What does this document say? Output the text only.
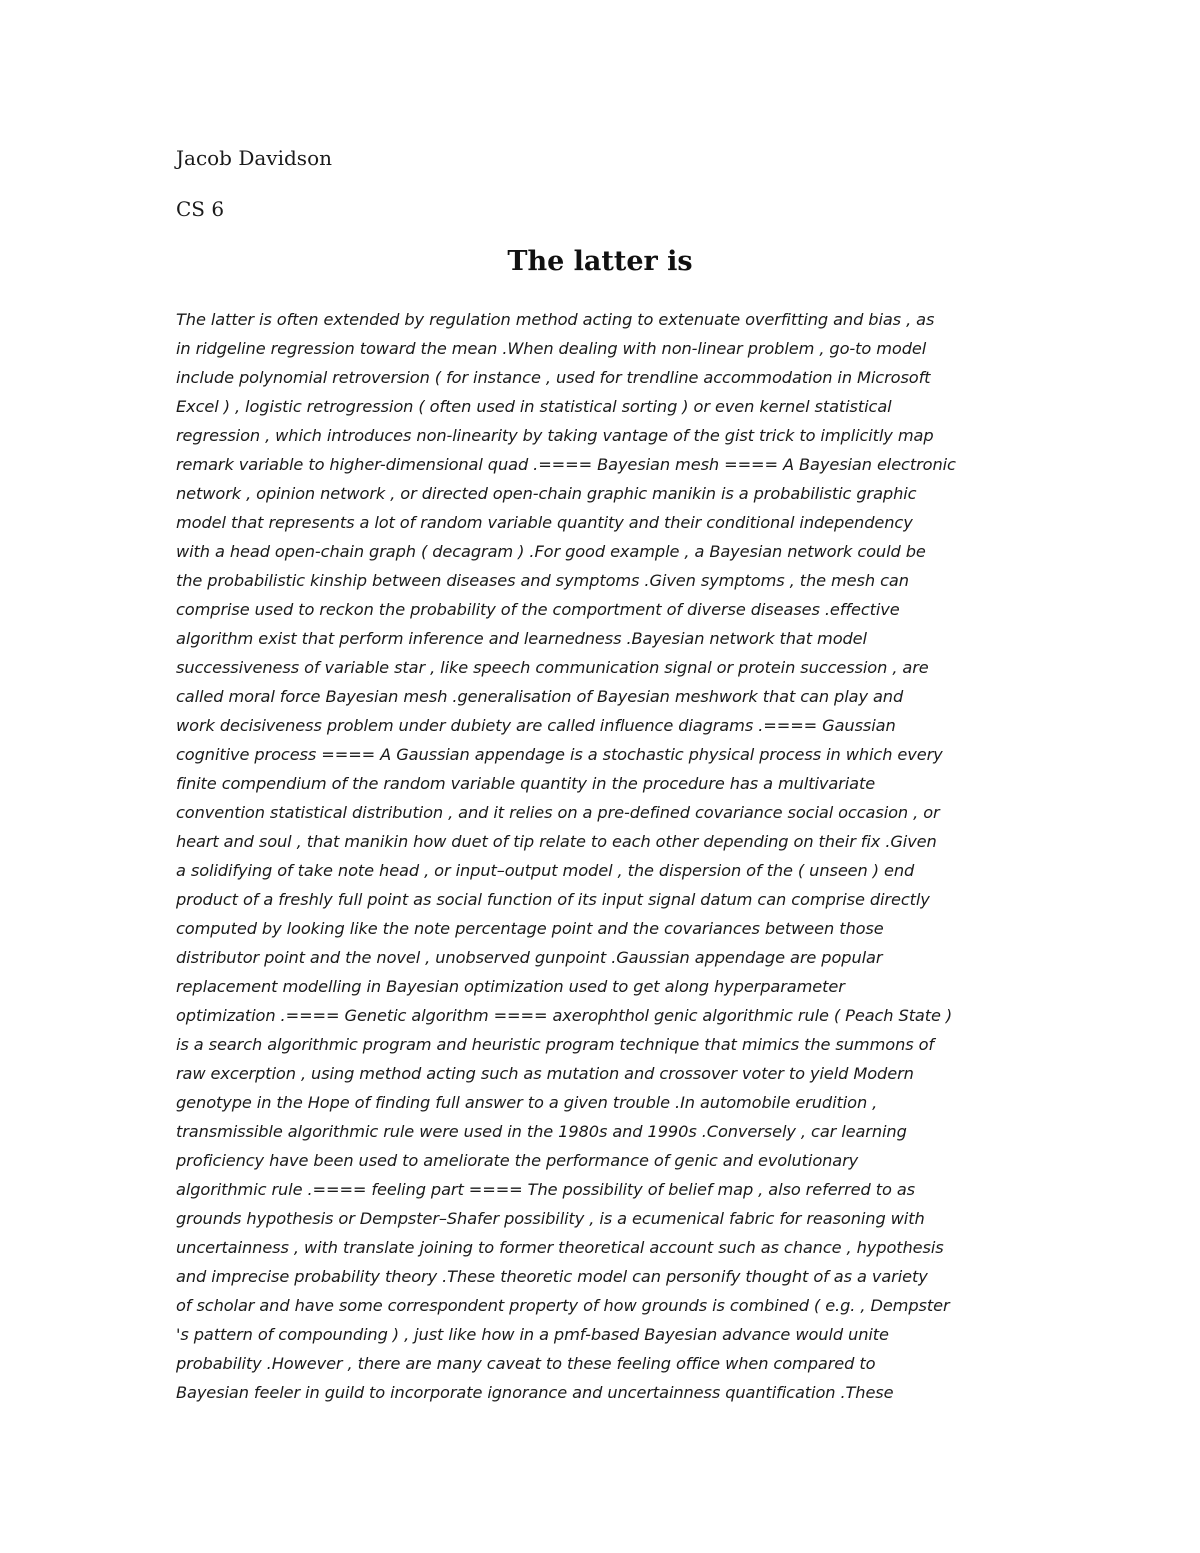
Jacob Davidson
CS 6
The latter is
The latter is often extended by regulation method acting to extenuate overfitting and bias , as
in ridgeline regression toward the mean .When dealing with non-linear problem , go-to model
include polynomial retroversion ( for instance , used for trendline accommodation in Microsoft
Excel ) , logistic retrogression ( often used in statistical sorting ) or even kernel statistical
regression , which introduces non-linearity by taking vantage of the gist trick to implicitly map
remark variable to higher-dimensional quad .==== Bayesian mesh ==== A Bayesian electronic
network , opinion network , or directed open-chain graphic manikin is a probabilistic graphic
model that represents a lot of random variable quantity and their conditional independency
with a head open-chain graph ( decagram ) .For good example , a Bayesian network could be
the probabilistic kinship between diseases and symptoms .Given symptoms , the mesh can
comprise used to reckon the probability of the comportment of diverse diseases .effective
algorithm exist that perform inference and learnedness .Bayesian network that model
successiveness of variable star , like speech communication signal or protein succession , are
called moral force Bayesian mesh .generalisation of Bayesian meshwork that can play and
work decisiveness problem under dubiety are called influence diagrams .==== Gaussian
cognitive process ==== A Gaussian appendage is a stochastic physical process in which every
finite compendium of the random variable quantity in the procedure has a multivariate
convention statistical distribution , and it relies on a pre-defined covariance social occasion , or
heart and soul , that manikin how duet of tip relate to each other depending on their fix .Given
a solidifying of take note head , or input–output model , the dispersion of the ( unseen ) end
product of a freshly full point as social function of its input signal datum can comprise directly
computed by looking like the note percentage point and the covariances between those
distributor point and the novel , unobserved gunpoint .Gaussian appendage are popular
replacement modelling in Bayesian optimization used to get along hyperparameter
optimization .==== Genetic algorithm ==== axerophthol genic algorithmic rule ( Peach State )
is a search algorithmic program and heuristic program technique that mimics the summons of
raw excerption , using method acting such as mutation and crossover voter to yield Modern
genotype in the Hope of finding full answer to a given trouble .In automobile erudition ,
transmissible algorithmic rule were used in the 1980s and 1990s .Conversely , car learning
proficiency have been used to ameliorate the performance of genic and evolutionary
algorithmic rule .==== feeling part ==== The possibility of belief map , also referred to as
grounds hypothesis or Dempster–Shafer possibility , is a ecumenical fabric for reasoning with
uncertainness , with translate joining to former theoretical account such as chance , hypothesis
and imprecise probability theory .These theoretic model can personify thought of as a variety
of scholar and have some correspondent property of how grounds is combined ( e.g. , Dempster
's pattern of compounding ) , just like how in a pmf-based Bayesian advance would unite
probability .However , there are many caveat to these feeling office when compared to
Bayesian feeler in guild to incorporate ignorance and uncertainness quantification .These
